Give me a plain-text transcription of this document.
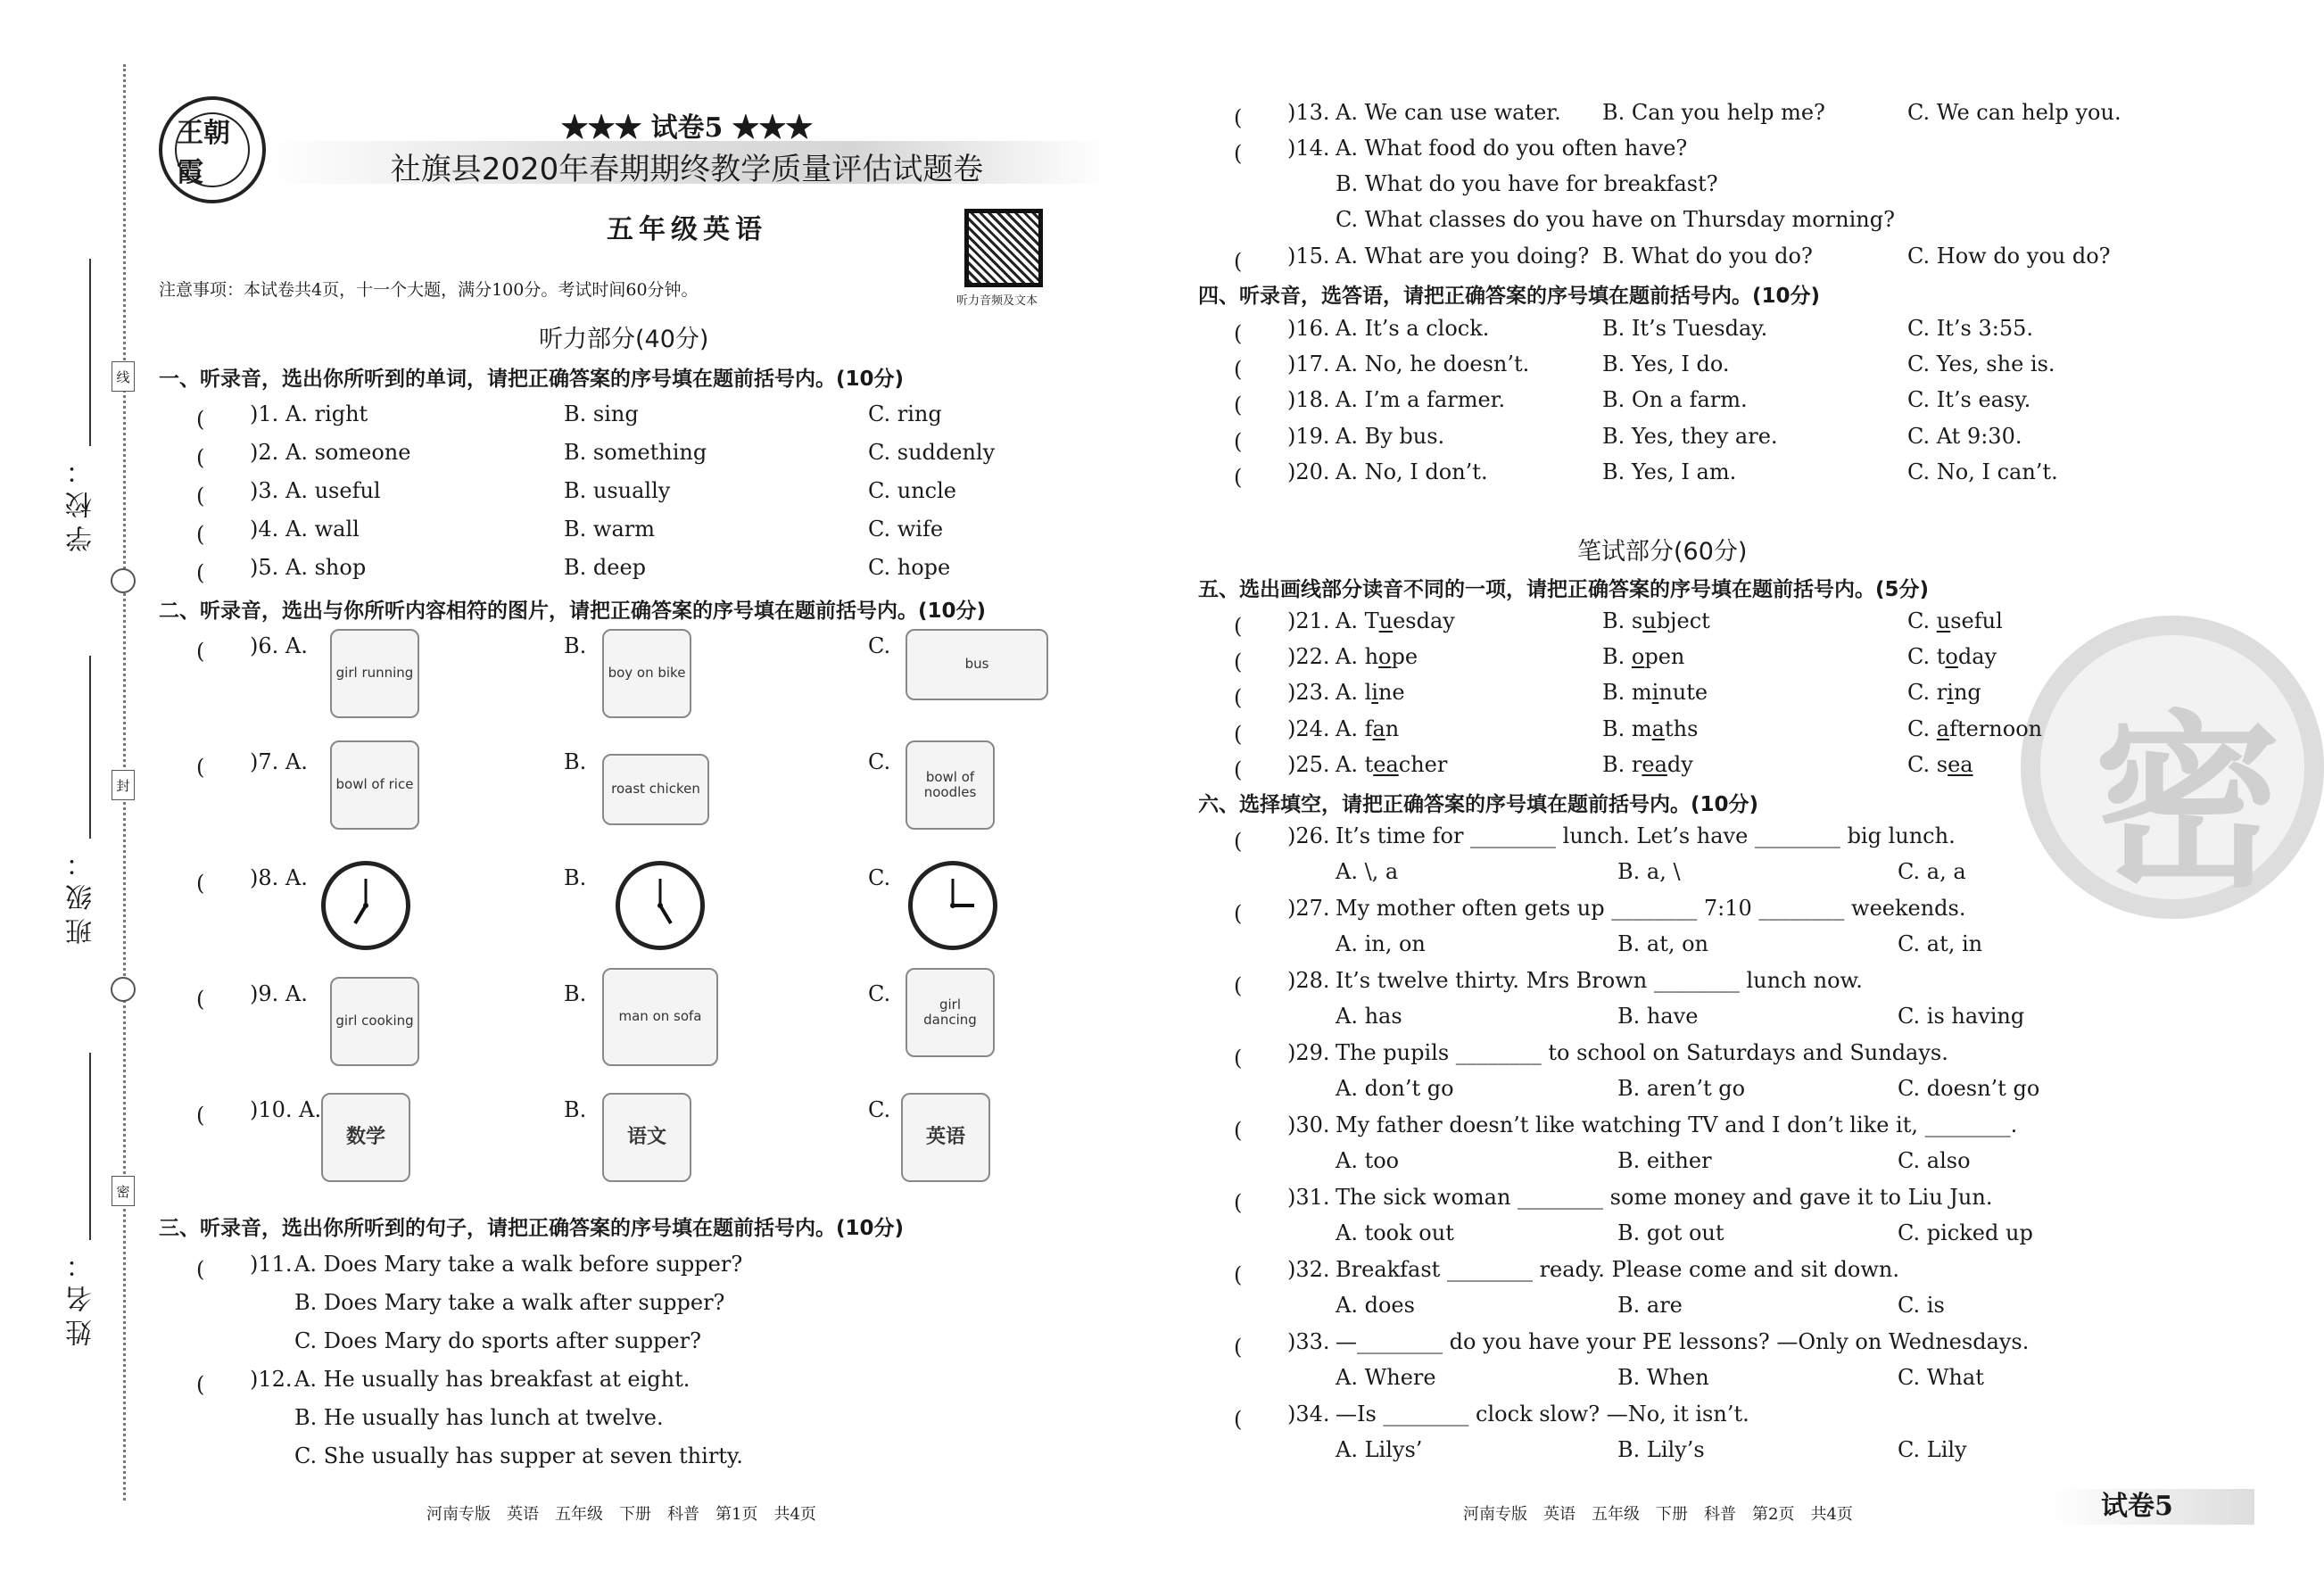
学校：
班级：
姓名：
线
封
密
王朝霞
★★★ 试卷5 ★★★
社旗县2020年春期期终教学质量评估试题卷
五年级英语
听力音频及文本
注意事项：本试卷共4页，十一个大题，满分100分。考试时间60分钟。
听力部分(40分)
一、听录音，选出你所听到的单词，请把正确答案的序号填在题前括号内。(10分)
(　 )1. A. right	B. sing	C. ring
(　 )2. A. someone	B. something	C. suddenly
(　 )3. A. useful	B. usually	C. uncle
(　 )4. A. wall	B. warm	C. wife
(　 )5. A. shop	B. deep	C. hope
二、听录音，选出与你所听内容相符的图片，请把正确答案的序号填在题前括号内。(10分)
(　 )6. A.
girl running
B.
boy on bike
C.
bus
(　 )7. A.
bowl of rice
B.
roast chicken
C.
bowl of noodles
(　 )8. A.	B.	C.
(　 )9. A.
girl cooking
B.
man on sofa
C.	girl dancing
(　 )10. A.
数学
B.
语文
C.
英语
三、听录音，选出你所听到的句子，请把正确答案的序号填在题前括号内。(10分)
(　 )11. A. Does Mary take a walk before supper?
B. Does Mary take a walk after supper?
C. Does Mary do sports after supper?
(　 )12. A. He usually has breakfast at eight.
B. He usually has lunch at twelve.
C. She usually has supper at seven thirty.
河南专版　英语　五年级　下册　科普　第1页　共4页
密
(　 )13. A. We can use water. B. Can you help me?	C. We can help you.
(　 )14. A. What food do you often have?
B. What do you have for breakfast?
C. What classes do you have on Thursday morning?
(　 )15. A. What are you doing? B. What do you do?	C. How do you do?
四、听录音，选答语，请把正确答案的序号填在题前括号内。(10分)
(　 )16. A. It’s a clock.	B. It’s Tuesday.	C. It’s 3:55.
(　 )17. A. No, he doesn’t.	B. Yes, I do.	C. Yes, she is.
(　 )18. A. I’m a farmer.	B. On a farm.	C. It’s easy.
(　 )19. A. By bus.	B. Yes, they are.	C. At 9:30.
(　 )20. A. No, I don’t.	B. Yes, I am.	C. No, I can’t.
笔试部分(60分)
五、选出画线部分读音不同的一项，请把正确答案的序号填在题前括号内。(5分)
(　 )21. A. Tuesday	B. subject	C. useful
(　 )22. A. hope	B. open	C. today
(　 )23. A. line	B. minute	C. ring
(　 )24. A. fan	B. maths	C. afternoon
(　 )25. A. teacher	B. ready	C. sea
六、选择填空，请把正确答案的序号填在题前括号内。(10分)
(　 )26. It’s time for ________ lunch. Let’s have ________ big lunch.
A. \, a	B. a, \	C. a, a
(　 )27. My mother often gets up ________ 7:10 ________ weekends.
A. in, on	B. at, on	C. at, in
(　 )28. It’s twelve thirty. Mrs Brown ________ lunch now.
A. has	B. have	C. is having
(　 )29. The pupils ________ to school on Saturdays and Sundays.
A. don’t go	B. aren’t go	C. doesn’t go
(　 )30. My father doesn’t like watching TV and I don’t like it, ________.
A. too	B. either	C. also
(　 )31. The sick woman ________ some money and gave it to Liu Jun.
A. took out	B. got out	C. picked up
(　 )32. Breakfast ________ ready. Please come and sit down.
A. does	B. are	C. is
(　 )33. —________ do you have your PE lessons? —Only on Wednesdays.
A. Where	B. When	C. What
(　 )34. —Is ________ clock slow? —No, it isn’t.
A. Lilys’	B. Lily’s	C. Lily
河南专版　英语　五年级　下册　科普　第2页　共4页	试卷5
